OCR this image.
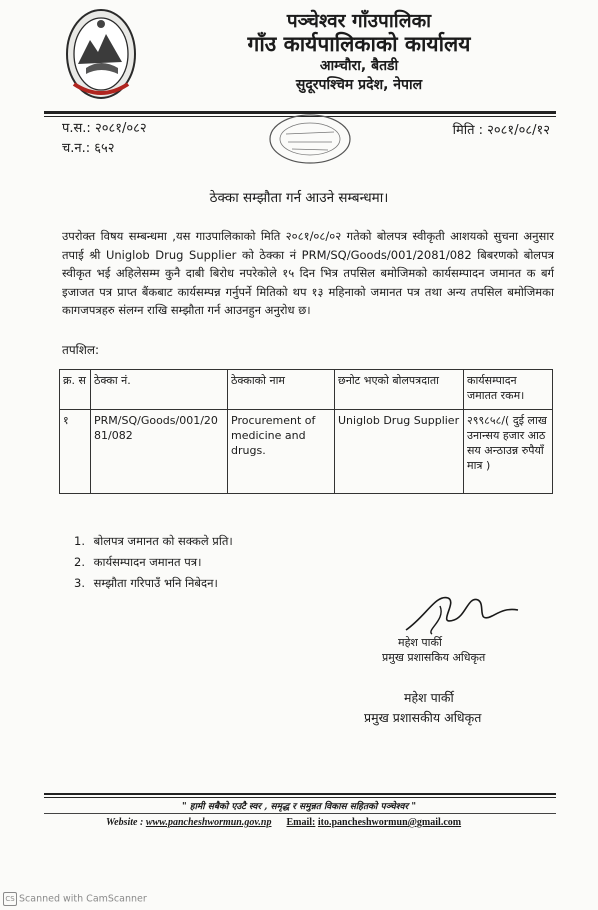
पञ्चेश्वर गाँउपालिका
गाँउ कार्यपालिकाको कार्यालय
आम्चौरा, बैतडी
सुदूरपश्चिम प्रदेश, नेपाल
प.स.: २०८१/०८२
च.न.: ६५२
मिति : २०८१/०८/१२
ठेक्का सम्झौता गर्न आउने सम्बन्धमा।
उपरोक्त विषय सम्बन्धमा ,यस गाउपालिकाको मिति २०८१/०८/०२ गतेको बोलपत्र स्वीकृती आशयको सुचना अनुसार तपाई श्री Uniglob Drug Supplier को ठेक्का नं PRM/SQ/Goods/001/2081/082 बिबरणको बोलपत्र स्वीकृत भई अहिलेसम्म कुनै दाबी बिरोध नपरेकोले १५ दिन भित्र तपसिल बमोजिमको कार्यसम्पादन जमानत क बर्ग इजाजत पत्र प्राप्त बैंकबाट कार्यसम्पन्न गर्नुपर्ने मितिको थप १३ महिनाको जमानत पत्र तथा अन्य तपसिल बमोजिमका कागजपत्रहरु संलग्न राखि सम्झौता गर्न आउनहुन अनुरोध छ।
तपशिल:
क्र. स	ठेक्का नं.	ठेक्काको नाम	छनोट भएको बोलपत्रदाता	कार्यसम्पादन जमातत रकम।
१	PRM/SQ/Goods/001/2081/082	Procurement of medicine and drugs.	Uniglob Drug Supplier	२९९८५८/( दुई लाख उनान्सय हजार आठ सय अन्ठाउन्न रुपैयाँ मात्र )
1. बोलपत्र जमानत को सक्कले प्रति।
2. कार्यसम्पादन जमानत पत्र।
3. सम्झौता गरिपाउँ भनि निबेदन।
महेश पार्की
प्रमुख प्रशासकिय अधिकृत
महेश पार्की
प्रमुख प्रशासकीय अधिकृत
" हामी सबैको एउटै स्वर , समृद्ध र समुन्नत विकास सहितको पञ्चेश्वर "
Website : www.pancheshwormun.gov.np Email: ito.pancheshwormun@gmail.com
CS Scanned with CamScanner
